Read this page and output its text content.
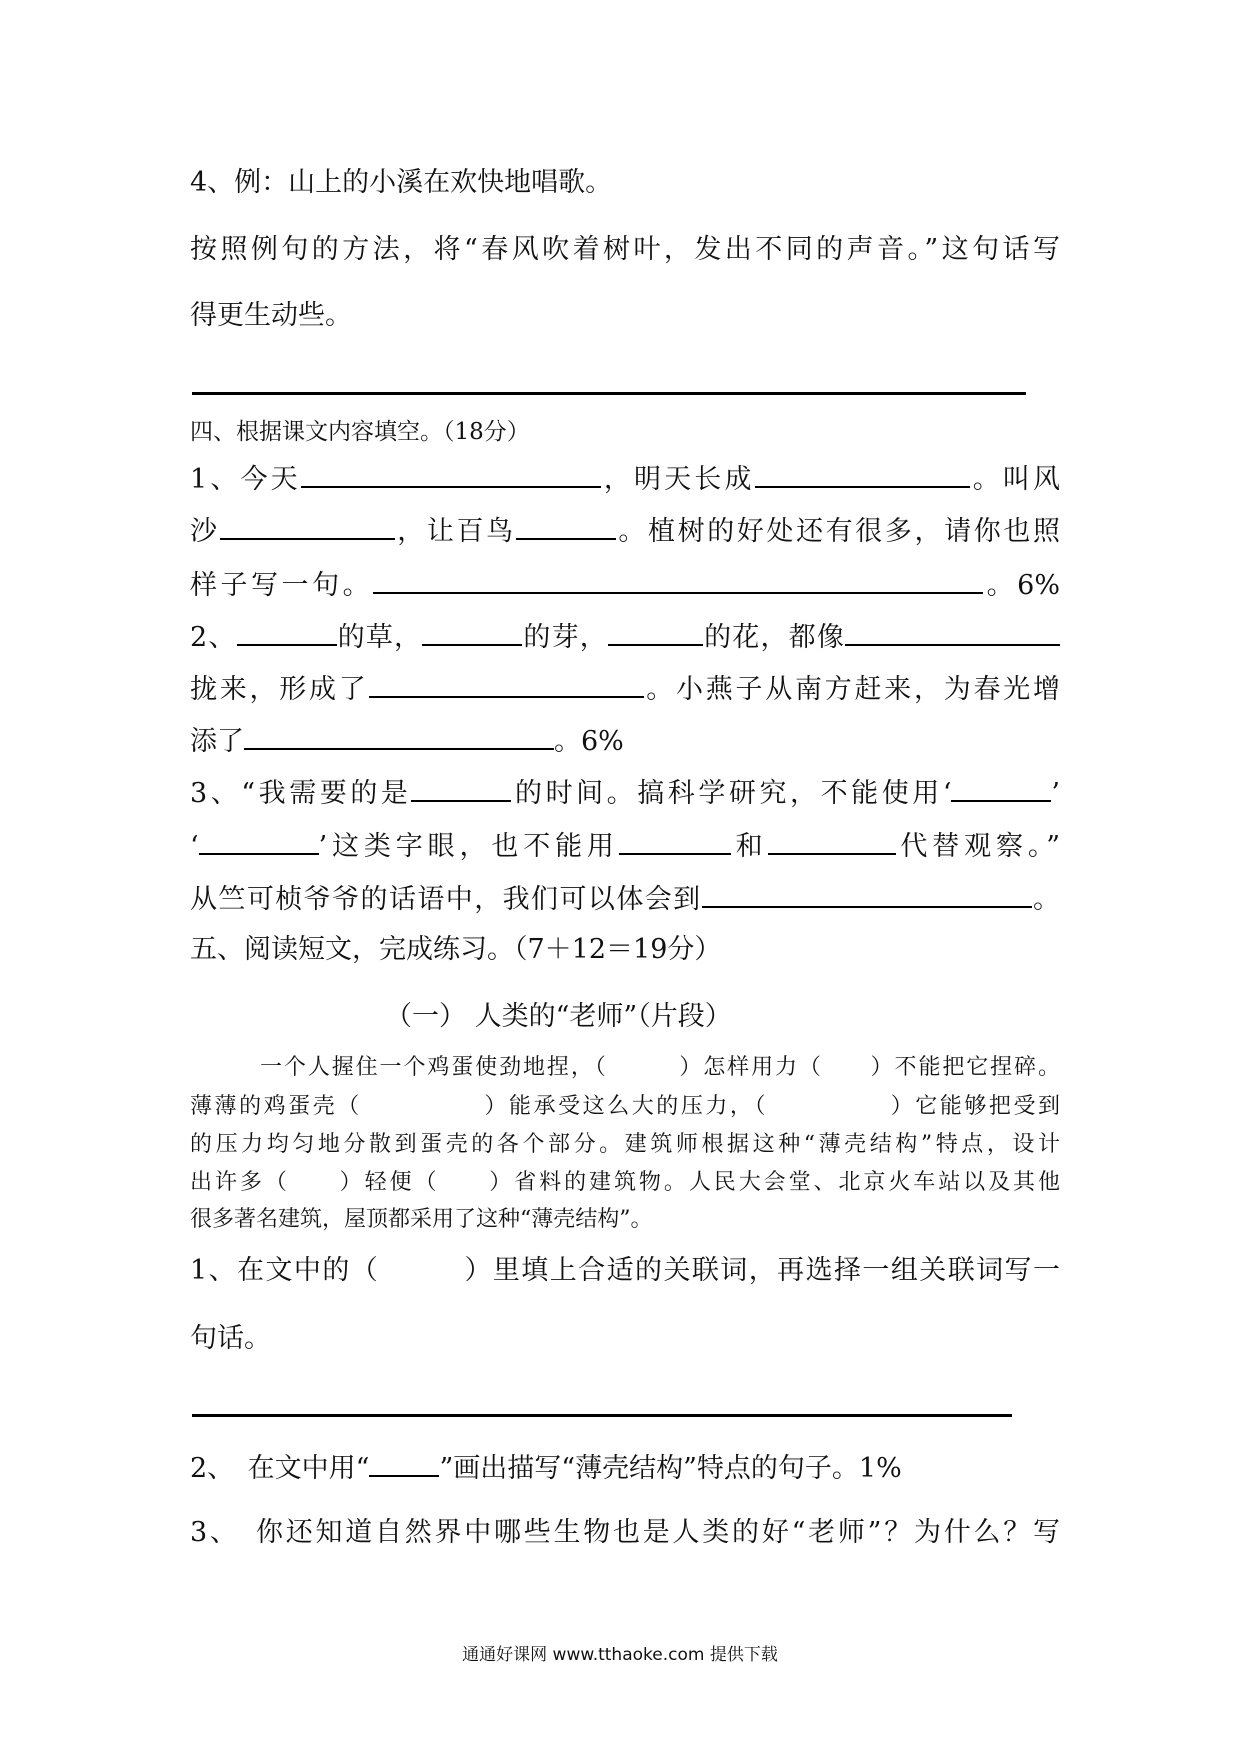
4、例：山上的小溪在欢快地唱歌。
按照例句的方法，将“春风吹着树叶，发出不同的声音。”这句话写
得更生动些。
四、根据课文内容填空。（18分）
1、今天	，明天长成	。叫风
沙	，让百鸟	。植树的好处还有很多，请你也照
样子写一句。	。6%
2、	的草，	的芽，	的花，都像
拢来，形成了	。小燕子从南方赶来，为春光增
添了	。6%
3、“我需要的是	的时间。搞科学研究，不能使用‘	’
‘	’这类字眼，也不能用	和	代替观察。”
从竺可桢爷爷的话语中，我们可以体会到	。
五、阅读短文，完成练习。（7＋12＝19分）
（一） 人类的“老师”（片段）
一个人握住一个鸡蛋使劲地捏，（　　　）怎样用力（　　）不能把它捏碎。
薄薄的鸡蛋壳（　　　　　）能承受这么大的压力，（　　　　　）它能够把受到
的压力均匀地分散到蛋壳的各个部分。建筑师根据这种“薄壳结构”特点，设计
出许多（　　）轻便（　　）省料的建筑物。人民大会堂、北京火车站以及其他
很多著名建筑，屋顶都采用了这种“薄壳结构”。
1、在文中的（　　　）里填上合适的关联词，再选择一组关联词写一
句话。
2、　在文中用“	”画出描写“薄壳结构”特点的句子。1%
3、　你还知道自然界中哪些生物也是人类的好“老师”？为什么？写
通通好课网 www.tthaoke.com 提供下载
